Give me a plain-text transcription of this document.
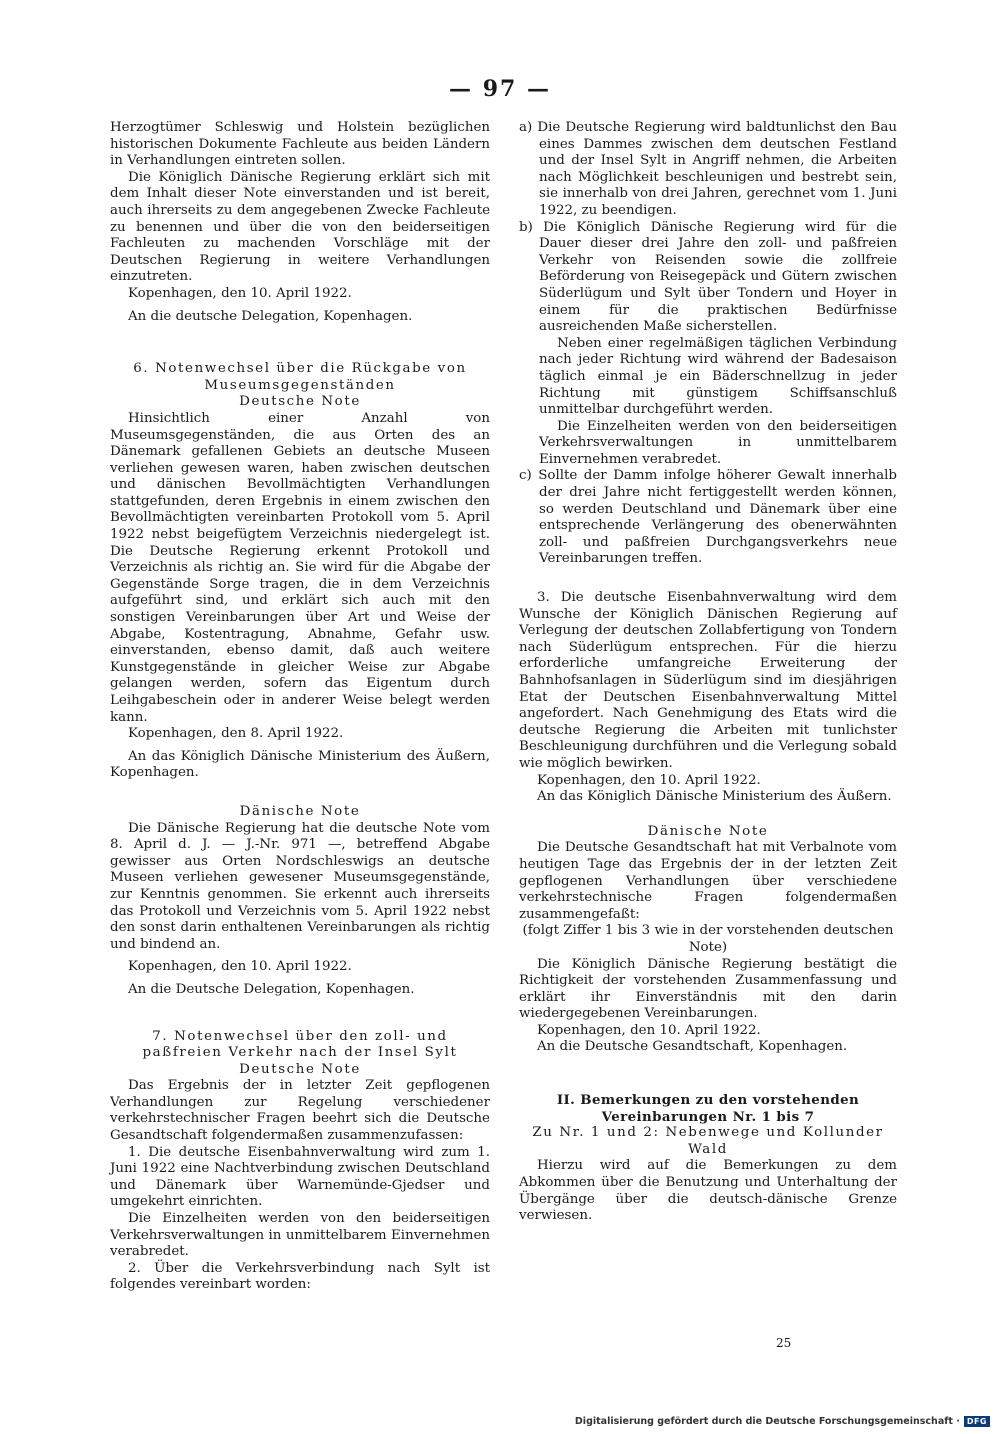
— 97 —

Herzogtümer Schleswig und Holstein bezüglichen historischen Dokumente Fachleute aus beiden Ländern in Verhandlungen eintreten sollen.

Die Königlich Dänische Regierung erklärt sich mit dem Inhalt dieser Note einverstanden und ist bereit, auch ihrerseits zu dem angegebenen Zwecke Fachleute zu benennen und über die von den beiderseitigen Fachleuten zu machenden Vorschläge mit der Deutschen Regierung in weitere Verhandlungen einzutreten.

Kopenhagen, den 10. April 1922.

An die deutsche Delegation, Kopenhagen.

6. Notenwechsel über die Rückgabe von Museumsgegenständen

Deutsche Note

Hinsichtlich einer Anzahl von Museumsgegenständen, die aus Orten des an Dänemark gefallenen Gebiets an deutsche Museen verliehen gewesen waren, haben zwischen deutschen und dänischen Bevollmächtigten Verhandlungen stattgefunden, deren Ergebnis in einem zwischen den Bevollmächtigten vereinbarten Protokoll vom 5. April 1922 nebst beigefügtem Verzeichnis niedergelegt ist. Die Deutsche Regierung erkennt Protokoll und Verzeichnis als richtig an. Sie wird für die Abgabe der Gegenstände Sorge tragen, die in dem Verzeichnis aufgeführt sind, und erklärt sich auch mit den sonstigen Vereinbarungen über Art und Weise der Abgabe, Kostentragung, Abnahme, Gefahr usw. einverstanden, ebenso damit, daß auch weitere Kunstgegenstände in gleicher Weise zur Abgabe gelangen werden, sofern das Eigentum durch Leihgabeschein oder in anderer Weise belegt werden kann.

Kopenhagen, den 8. April 1922.

An das Königlich Dänische Ministerium des Äußern, Kopenhagen.

Dänische Note

Die Dänische Regierung hat die deutsche Note vom 8. April d. J. — J.-Nr. 971 —, betreffend Abgabe gewisser aus Orten Nordschleswigs an deutsche Museen verliehen gewesener Museumsgegenstände, zur Kenntnis genommen. Sie erkennt auch ihrerseits das Protokoll und Verzeichnis vom 5. April 1922 nebst den sonst darin enthaltenen Vereinbarungen als richtig und bindend an.

Kopenhagen, den 10. April 1922.

An die Deutsche Delegation, Kopenhagen.

7. Notenwechsel über den zoll- und paßfreien Verkehr nach der Insel Sylt

Deutsche Note

Das Ergebnis der in letzter Zeit gepflogenen Verhandlungen zur Regelung verschiedener verkehrstechnischer Fragen beehrt sich die Deutsche Gesandtschaft folgendermaßen zusammenzufassen:

1. Die deutsche Eisenbahnverwaltung wird zum 1. Juni 1922 eine Nachtverbindung zwischen Deutschland und Dänemark über Warnemünde-Gjedser und umgekehrt einrichten.

Die Einzelheiten werden von den beiderseitigen Verkehrsverwaltungen in unmittelbarem Einvernehmen verabredet.

2. Über die Verkehrsverbindung nach Sylt ist folgendes vereinbart worden:

a) Die Deutsche Regierung wird baldtunlichst den Bau eines Dammes zwischen dem deutschen Festland und der Insel Sylt in Angriff nehmen, die Arbeiten nach Möglichkeit beschleunigen und bestrebt sein, sie innerhalb von drei Jahren, gerechnet vom 1. Juni 1922, zu beendigen.

b) Die Königlich Dänische Regierung wird für die Dauer dieser drei Jahre den zoll- und paßfreien Verkehr von Reisenden sowie die zollfreie Beförderung von Reisegepäck und Gütern zwischen Süderlügum und Sylt über Tondern und Hoyer in einem für die praktischen Bedürfnisse ausreichenden Maße sicherstellen.

Neben einer regelmäßigen täglichen Verbindung nach jeder Richtung wird während der Badesaison täglich einmal je ein Bäderschnellzug in jeder Richtung mit günstigem Schiffsanschluß unmittelbar durchgeführt werden.

Die Einzelheiten werden von den beiderseitigen Verkehrsverwaltungen in unmittelbarem Einvernehmen verabredet.

c) Sollte der Damm infolge höherer Gewalt innerhalb der drei Jahre nicht fertiggestellt werden können, so werden Deutschland und Dänemark über eine entsprechende Verlängerung des obenerwähnten zoll- und paßfreien Durchgangsverkehrs neue Vereinbarungen treffen.

3. Die deutsche Eisenbahnverwaltung wird dem Wunsche der Königlich Dänischen Regierung auf Verlegung der deutschen Zollabfertigung von Tondern nach Süderlügum entsprechen. Für die hierzu erforderliche umfangreiche Erweiterung der Bahnhofsanlagen in Süderlügum sind im diesjährigen Etat der Deutschen Eisenbahnverwaltung Mittel angefordert. Nach Genehmigung des Etats wird die deutsche Regierung die Arbeiten mit tunlichster Beschleunigung durchführen und die Verlegung sobald wie möglich bewirken.

Kopenhagen, den 10. April 1922.

An das Königlich Dänische Ministerium des Äußern.

Dänische Note

Die Deutsche Gesandtschaft hat mit Verbalnote vom heutigen Tage das Ergebnis der in der letzten Zeit gepflogenen Verhandlungen über verschiedene verkehrstechnische Fragen folgendermaßen zusammengefaßt:

(folgt Ziffer 1 bis 3 wie in der vorstehenden deutschen Note)

Die Königlich Dänische Regierung bestätigt die Richtigkeit der vorstehenden Zusammenfassung und erklärt ihr Einverständnis mit den darin wiedergegebenen Vereinbarungen.

Kopenhagen, den 10. April 1922.

An die Deutsche Gesandtschaft, Kopenhagen.

II. Bemerkungen zu den vorstehenden Vereinbarungen Nr. 1 bis 7

Zu Nr. 1 und 2: Nebenwege und Kollunder Wald

Hierzu wird auf die Bemerkungen zu dem Abkommen über die Benutzung und Unterhaltung der Übergänge über die deutsch-dänische Grenze verwiesen.

25
Digitalisierung gefördert durch die Deutsche Forschungsgemeinschaft · DFG
